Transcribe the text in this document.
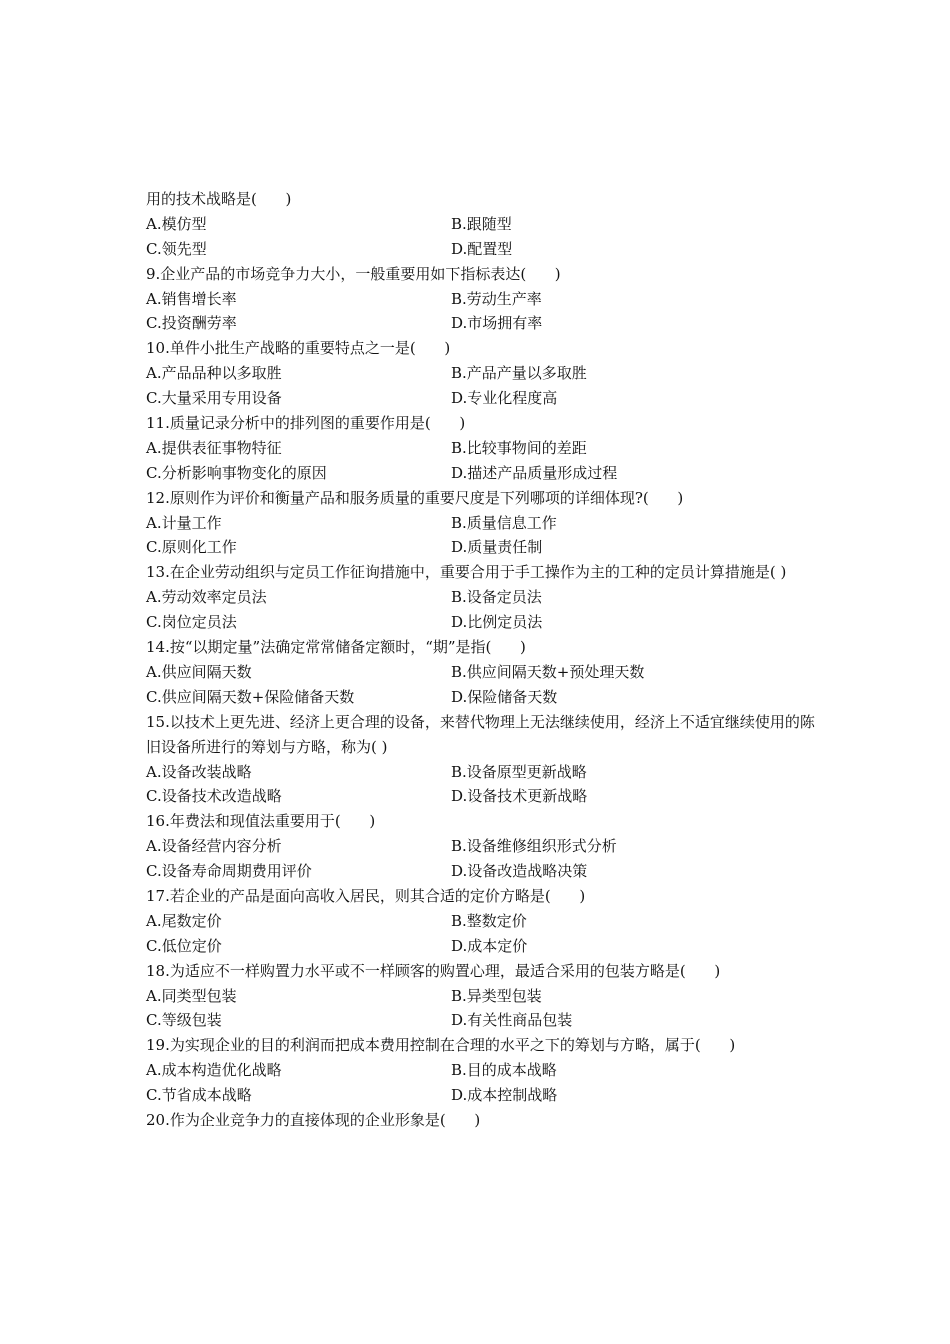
用的技术战略是(      )
A.模仿型	B.跟随型
C.领先型	D.配置型
9.企业产品的市场竞争力大小，一般重要用如下指标表达(      )
A.销售增长率	B.劳动生产率
C.投资酬劳率	D.市场拥有率
10.单件小批生产战略的重要特点之一是(      )
A.产品品种以多取胜	B.产品产量以多取胜
C.大量采用专用设备	D.专业化程度高
11.质量记录分析中的排列图的重要作用是(      )
A.提供表征事物特征	B.比较事物间的差距
C.分析影响事物变化的原因	D.描述产品质量形成过程
12.原则作为评价和衡量产品和服务质量的重要尺度是下列哪项的详细体现?(      )
A.计量工作	B.质量信息工作
C.原则化工作	D.质量责任制
13.在企业劳动组织与定员工作征询措施中，重要合用于手工操作为主的工种的定员计算措施是( )
A.劳动效率定员法	B.设备定员法
C.岗位定员法	D.比例定员法
14.按“以期定量”法确定常常储备定额时，“期”是指(      )
A.供应间隔天数	B.供应间隔天数+预处理天数
C.供应间隔天数+保险储备天数	D.保险储备天数
15.以技术上更先进、经济上更合理的设备，来替代物理上无法继续使用，经济上不适宜继续使用的陈旧设备所进行的筹划与方略，称为( )
A.设备改装战略	B.设备原型更新战略
C.设备技术改造战略	D.设备技术更新战略
16.年费法和现值法重要用于(      )
A.设备经营内容分析	B.设备维修组织形式分析
C.设备寿命周期费用评价	D.设备改造战略决策
17.若企业的产品是面向高收入居民，则其合适的定价方略是(      )
A.尾数定价	B.整数定价
C.低位定价	D.成本定价
18.为适应不一样购置力水平或不一样顾客的购置心理，最适合采用的包装方略是(      )
A.同类型包装	B.异类型包装
C.等级包装	D.有关性商品包装
19.为实现企业的目的利润而把成本费用控制在合理的水平之下的筹划与方略，属于(      )
A.成本构造优化战略	B.目的成本战略
C.节省成本战略	D.成本控制战略
20.作为企业竞争力的直接体现的企业形象是(      )
